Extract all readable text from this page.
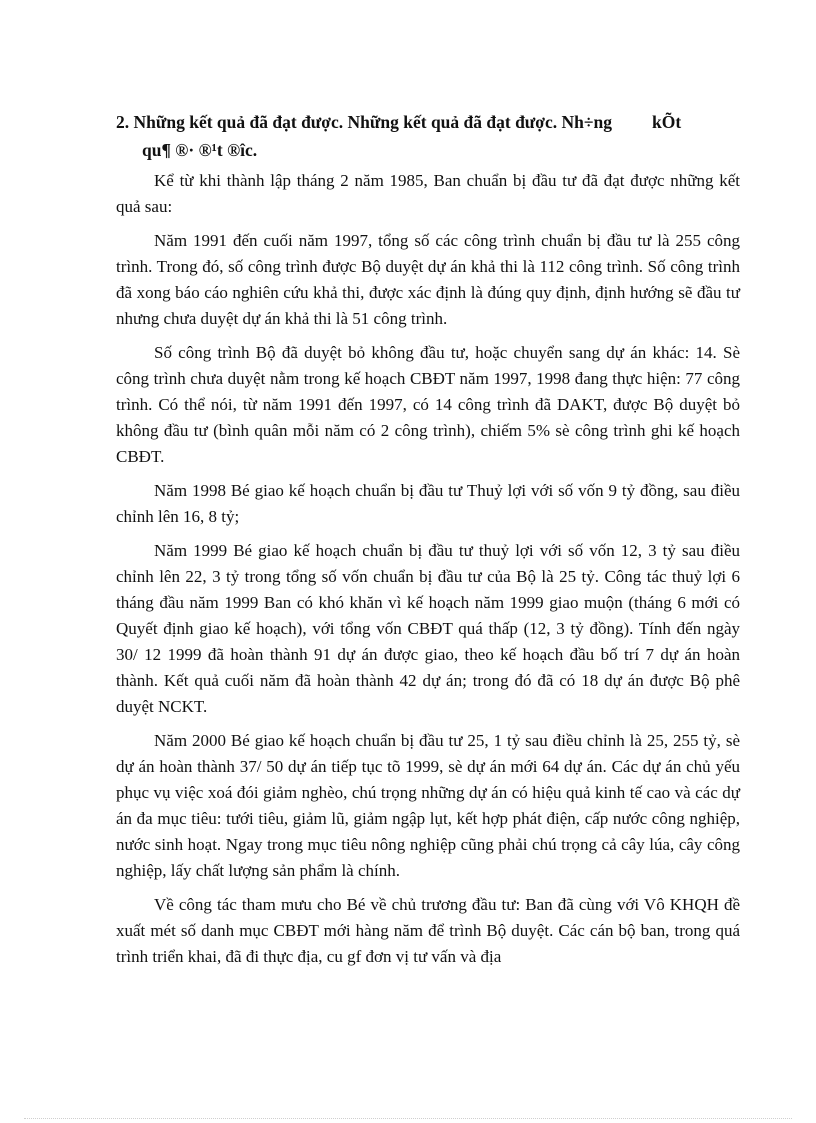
2. Những kết quả đã đạt được. Những kết quả đã đạt được. Nh÷ng kÕt
qu¶ ®· ®¹t ®îc.

Kể từ khi thành lập tháng 2 năm 1985, Ban chuẩn bị đầu tư đã đạt được những kết quả sau:

Năm 1991 đến cuối năm 1997, tổng số các công trình chuẩn bị đầu tư là 255 công trình. Trong đó, số công trình được Bộ duyệt dự án khả thi là 112 công trình. Số công trình đã xong báo cáo nghiên cứu khả thi, được xác định là đúng quy định, định hướng sẽ đầu tư nhưng chưa duyệt dự án khả thi là 51 công trình.

Số công trình Bộ đã duyệt bỏ không đầu tư, hoặc chuyển sang dự án khác: 14. Sè công trình chưa duyệt nằm trong kế hoạch CBĐT năm 1997, 1998 đang thực hiện: 77 công trình. Có thể nói, từ năm 1991 đến 1997, có 14 công trình đã DAKT, được Bộ duyệt bỏ không đầu tư (bình quân mỗi năm có 2 công trình), chiếm 5% sè công trình ghi kế hoạch CBĐT.

Năm 1998 Bé giao kế hoạch chuẩn bị đầu tư Thuỷ lợi với số vốn 9 tỷ đồng, sau điều chỉnh lên 16, 8 tỷ;

Năm 1999 Bé giao kế hoạch chuẩn bị đầu tư thuỷ lợi với số vốn 12, 3 tỷ sau điều chỉnh lên 22, 3 tỷ trong tổng số vốn chuẩn bị đầu tư của Bộ là 25 tỷ. Công tác thuỷ lợi 6 tháng đầu năm 1999 Ban có khó khăn vì kế hoạch năm 1999 giao muộn (tháng 6 mới có Quyết định giao kế hoạch), với tổng vốn CBĐT quá thấp (12, 3 tỷ đồng). Tính đến ngày 30/ 12 1999 đã hoàn thành 91 dự án được giao, theo kế hoạch đầu bố trí 7 dự án hoàn thành. Kết quả cuối năm đã hoàn thành 42 dự án; trong đó đã có 18 dự án được Bộ phê duyệt NCKT.

Năm 2000 Bé giao kế hoạch chuẩn bị đầu tư 25, 1 tỷ sau điều chỉnh là 25, 255 tỷ, sè dự án hoàn thành 37/ 50 dự án tiếp tục tõ 1999, sè dự án mới 64 dự án. Các dự án chủ yếu phục vụ việc xoá đói giảm nghèo, chú trọng những dự án có hiệu quả kinh tế cao và các dự án đa mục tiêu: tưới tiêu, giảm lũ, giảm ngập lụt, kết hợp phát điện, cấp nước công nghiệp, nước sinh hoạt. Ngay trong mục tiêu nông nghiệp cũng phải chú trọng cả cây lúa, cây công nghiệp, lấy chất lượng sản phẩm là chính.

Về công tác tham mưu cho Bé về chủ trương đầu tư: Ban đã cùng với Vô KHQH đề xuất mét số danh mục CBĐT mới hàng năm để trình Bộ duyệt. Các cán bộ ban, trong quá trình triển khai, đã đi thực địa, cu gf đơn vị tư vấn và địa
